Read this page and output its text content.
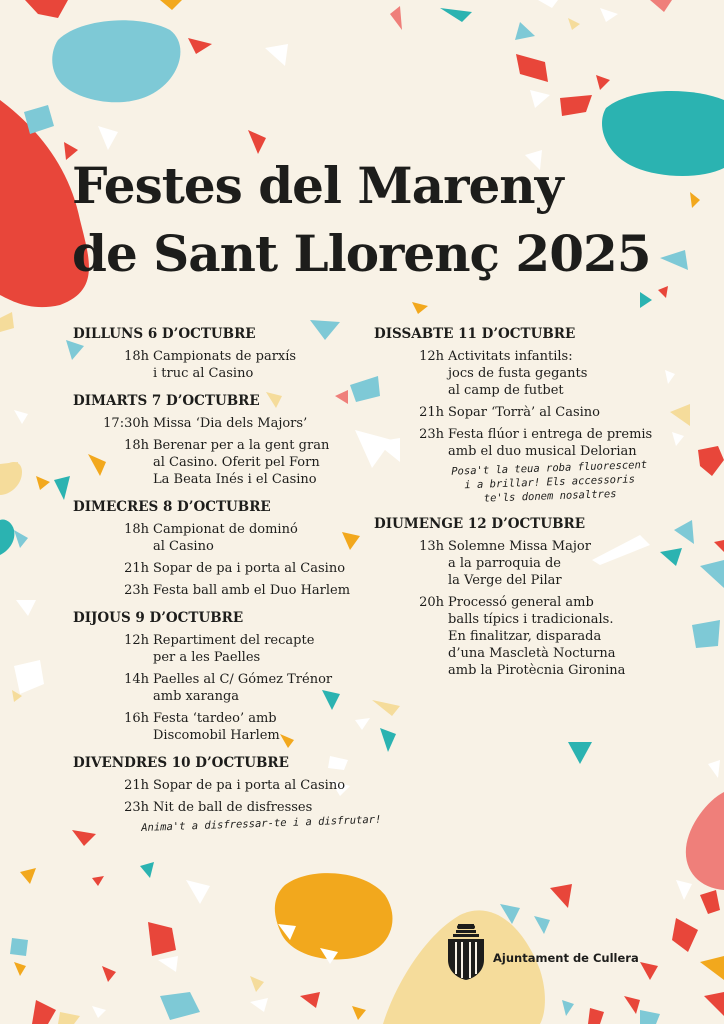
Festes del Mareny
de Sant Llorenç 2025
DILLUNS 6 D’OCTUBRE
18h Campionats de parxís
i truc al Casino
DIMARTS 7 D’OCTUBRE
17:30h Missa ‘Dia dels Majors’
18h Berenar per a la gent gran
al Casino. Oferit pel Forn
La Beata Inés i el Casino
DIMECRES 8 D’OCTUBRE
18h Campionat de dominó
al Casino
21h Sopar de pa i porta al Casino
23h Festa ball amb el Duo Harlem
DIJOUS 9 D’OCTUBRE
12h Repartiment del recapte
per a les Paelles
14h Paelles al C/ Gómez Trénor
amb xaranga
16h Festa ‘tardeo’ amb
Discomobil Harlem
DIVENDRES 10 D’OCTUBRE
21h Sopar de pa i porta al Casino
23h Nit de ball de disfresses
Anima't a disfressar-te i a disfrutar!
DISSABTE 11 D’OCTUBRE
12h Activitats infantils:
jocs de fusta gegants
al camp de futbet
21h Sopar ‘Torrà’ al Casino
23h Festa flúor i entrega de premis
amb el duo musical Delorian
Posa't la teua roba fluorescent
i a brillar! Els accessoris
te'ls donem nosaltres
DIUMENGE 12 D’OCTUBRE
13h Solemne Missa Major
a la parroquia de
la Verge del Pilar
20h Processó general amb
balls típics i tradicionals.
En finalitzar, disparada
d’una Mascletà Nocturna
amb la Pirotècnia Gironina
Ajuntament de Cullera
